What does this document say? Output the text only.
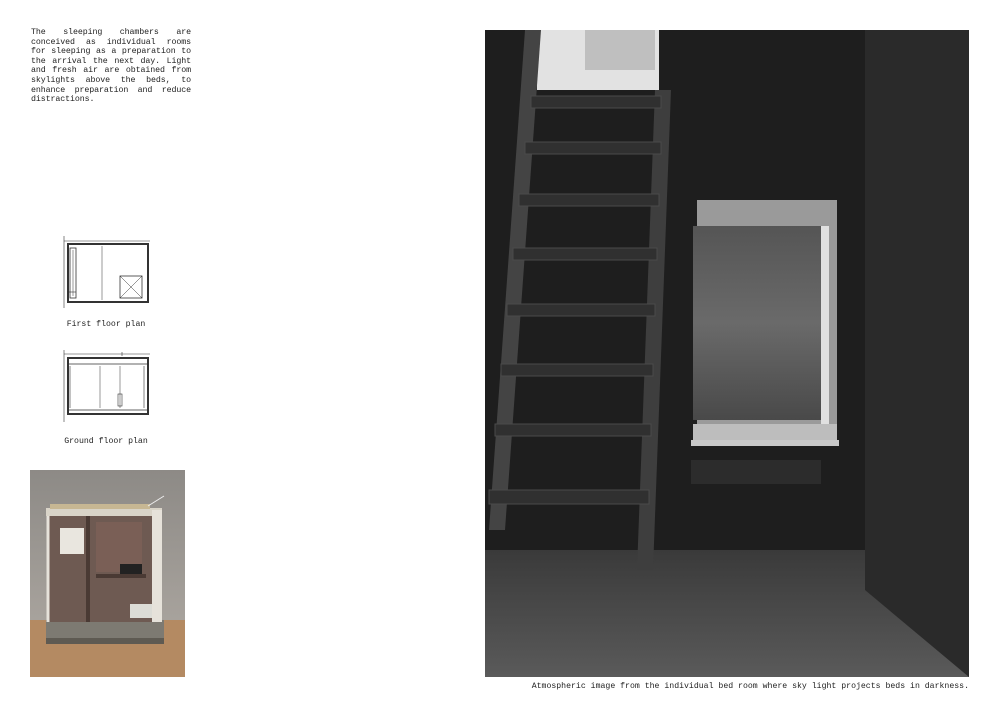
The sleeping chambers are conceived as individual rooms for sleeping as a preparation to the arrival the next day. Light and fresh air are obtained from skylights above the beds, to enhance preparation and reduce distractions.

First floor plan
Ground floor plan
Atmospheric image from the individual bed room where sky light projects beds in darkness.
